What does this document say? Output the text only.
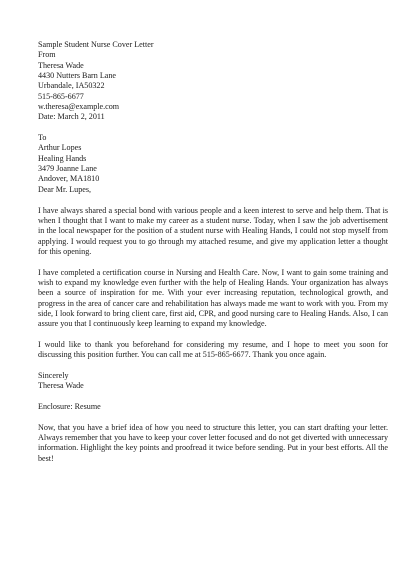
Sample Student Nurse Cover Letter
From
Theresa Wade
4430 Nutters Barn Lane
Urbandale, IA50322
515-865-6677
w.theresa@example.com
Date: March 2, 2011
To
Arthur Lopes
Healing Hands
3479 Joanne Lane
Andover, MA1810
Dear Mr. Lupes,
I have always shared a special bond with various people and a keen interest to serve and help them. That is when I thought that I want to make my career as a student nurse. Today, when I saw the job advertisement in the local newspaper for the position of a student nurse with Healing Hands, I could not stop myself from applying. I would request you to go through my attached resume, and give my application letter a thought for this opening.
I have completed a certification course in Nursing and Health Care. Now, I want to gain some training and wish to expand my knowledge even further with the help of Healing Hands. Your organization has always been a source of inspiration for me. With your ever increasing reputation, technological growth, and progress in the area of cancer care and rehabilitation has always made me want to work with you. From my side, I look forward to bring client care, first aid, CPR, and good nursing care to Healing Hands. Also, I can assure you that I continuously keep learning to expand my knowledge.
I would like to thank you beforehand for considering my resume, and I hope to meet you soon for discussing this position further. You can call me at 515-865-6677. Thank you once again.
Sincerely
Theresa Wade
Enclosure: Resume
Now, that you have a brief idea of how you need to structure this letter, you can start drafting your letter. Always remember that you have to keep your cover letter focused and do not get diverted with unnecessary information. Highlight the key points and proofread it twice before sending. Put in your best efforts. All the best!
